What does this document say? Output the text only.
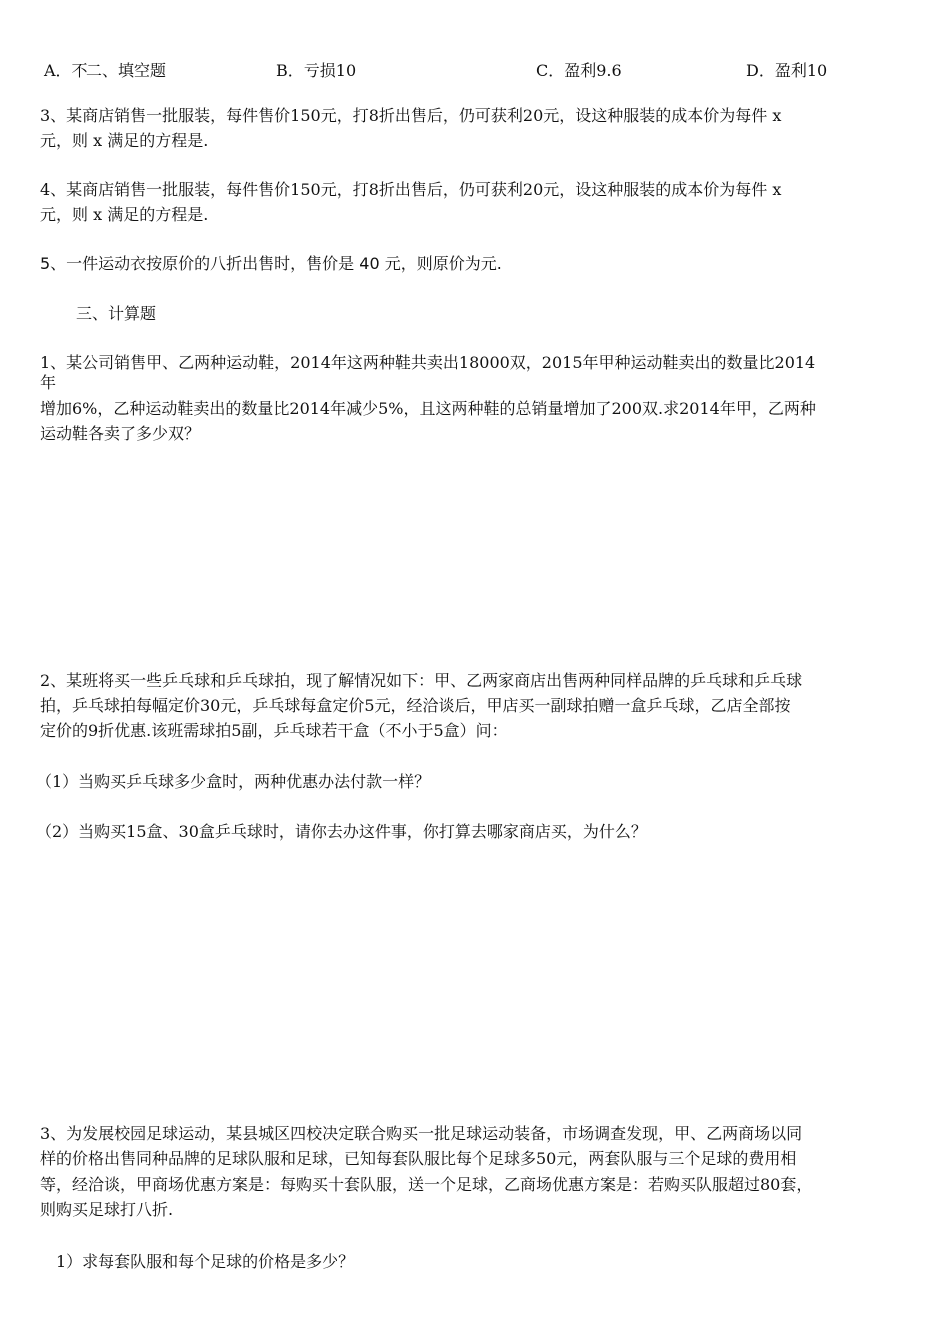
A．不
二、填空题	B．亏损10	C．盈利9.6	D．盈利10
3、某商店销售一批服装，每件售价150元，打8折出售后，仍可获利20元，设这种服装的成本价为每件 x
元，则 x 满足的方程是.
4、某商店销售一批服装，每件售价150元，打8折出售后，仍可获利20元，设这种服装的成本价为每件 x
元，则 x 满足的方程是.
5、一件运动衣按原价的八折出售时，售价是 40 元，则原价为元.
三、计算题
1、某公司销售甲、乙两种运动鞋，2014年这两种鞋共卖出18000双，2015年甲种运动鞋卖出的数量比2014
年
增加6%，乙种运动鞋卖出的数量比2014年减少5%，且这两种鞋的总销量增加了200双.求2014年甲，乙两种
运动鞋各卖了多少双？
2、某班将买一些乒乓球和乒乓球拍，现了解情况如下：甲、乙两家商店出售两种同样品牌的乒乓球和乒乓球
拍，乒乓球拍每幅定价30元，乒乓球每盒定价5元，经洽谈后，甲店买一副球拍赠一盒乒乓球，乙店全部按
定价的9折优惠.该班需球拍5副，乒乓球若干盒（不小于5盒）问：
（1）当购买乒乓球多少盒时，两种优惠办法付款一样？
（2）当购买15盒、30盒乒乓球时，请你去办这件事，你打算去哪家商店买，为什么？
3、为发展校园足球运动，某县城区四校决定联合购买一批足球运动装备，市场调查发现，甲、乙两商场以同
样的价格出售同种品牌的足球队服和足球，已知每套队服比每个足球多50元，两套队服与三个足球的费用相
等，经洽谈，甲商场优惠方案是：每购买十套队服，送一个足球，乙商场优惠方案是：若购买队服超过80套，
则购买足球打八折.
1）求每套队服和每个足球的价格是多少？
